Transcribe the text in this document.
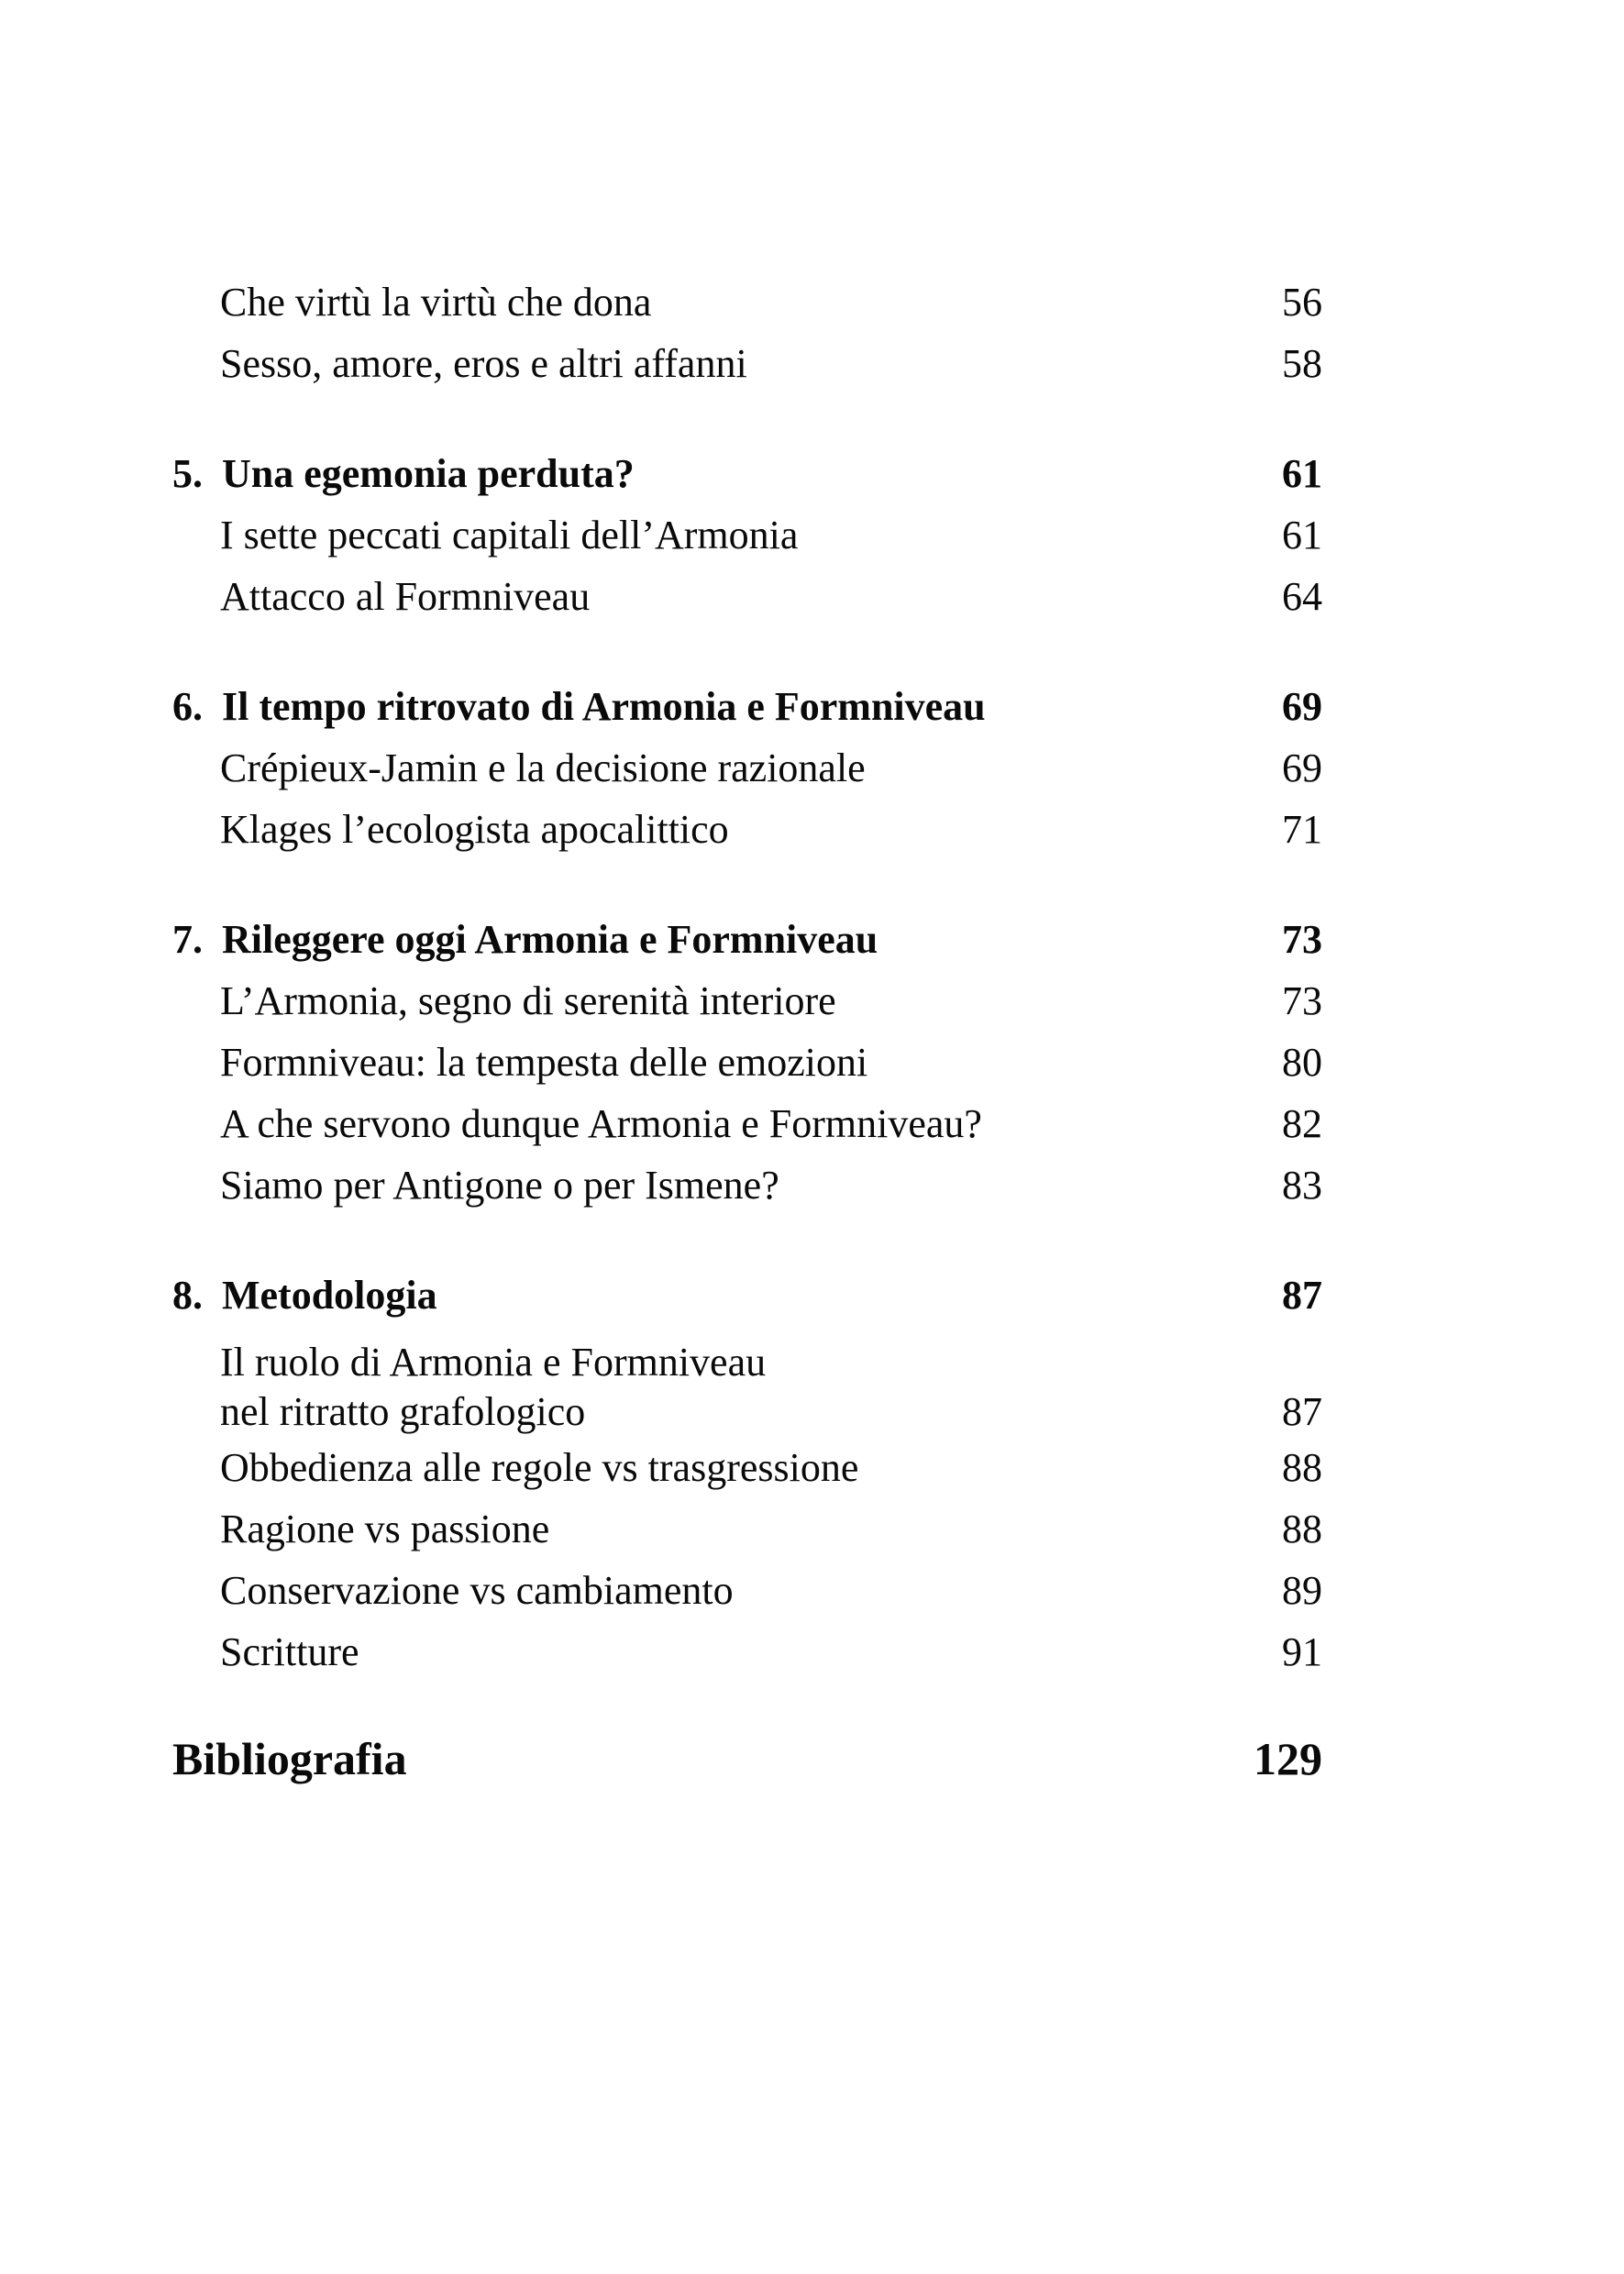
Che virtù la virtù che dona	56
Sesso, amore, eros e altri affanni	58
5. Una egemonia perduta?	61
I sette peccati capitali dell’Armonia	61
Attacco al Formniveau	64
6. Il tempo ritrovato di Armonia e Formniveau	69
Crépieux-Jamin e la decisione razionale	69
Klages l’ecologista apocalittico	71
7. Rileggere oggi Armonia e Formniveau	73
L’Armonia, segno di serenità interiore	73
Formniveau: la tempesta delle emozioni	80
A che servono dunque Armonia e Formniveau?	82
Siamo per Antigone o per Ismene?	83
8. Metodologia	87
Il ruolo di Armonia e Formniveau
nel ritratto grafologico	87
Obbedienza alle regole vs trasgressione	88
Ragione vs passione	88
Conservazione vs cambiamento	89
Scritture	91
Bibliografia	129
